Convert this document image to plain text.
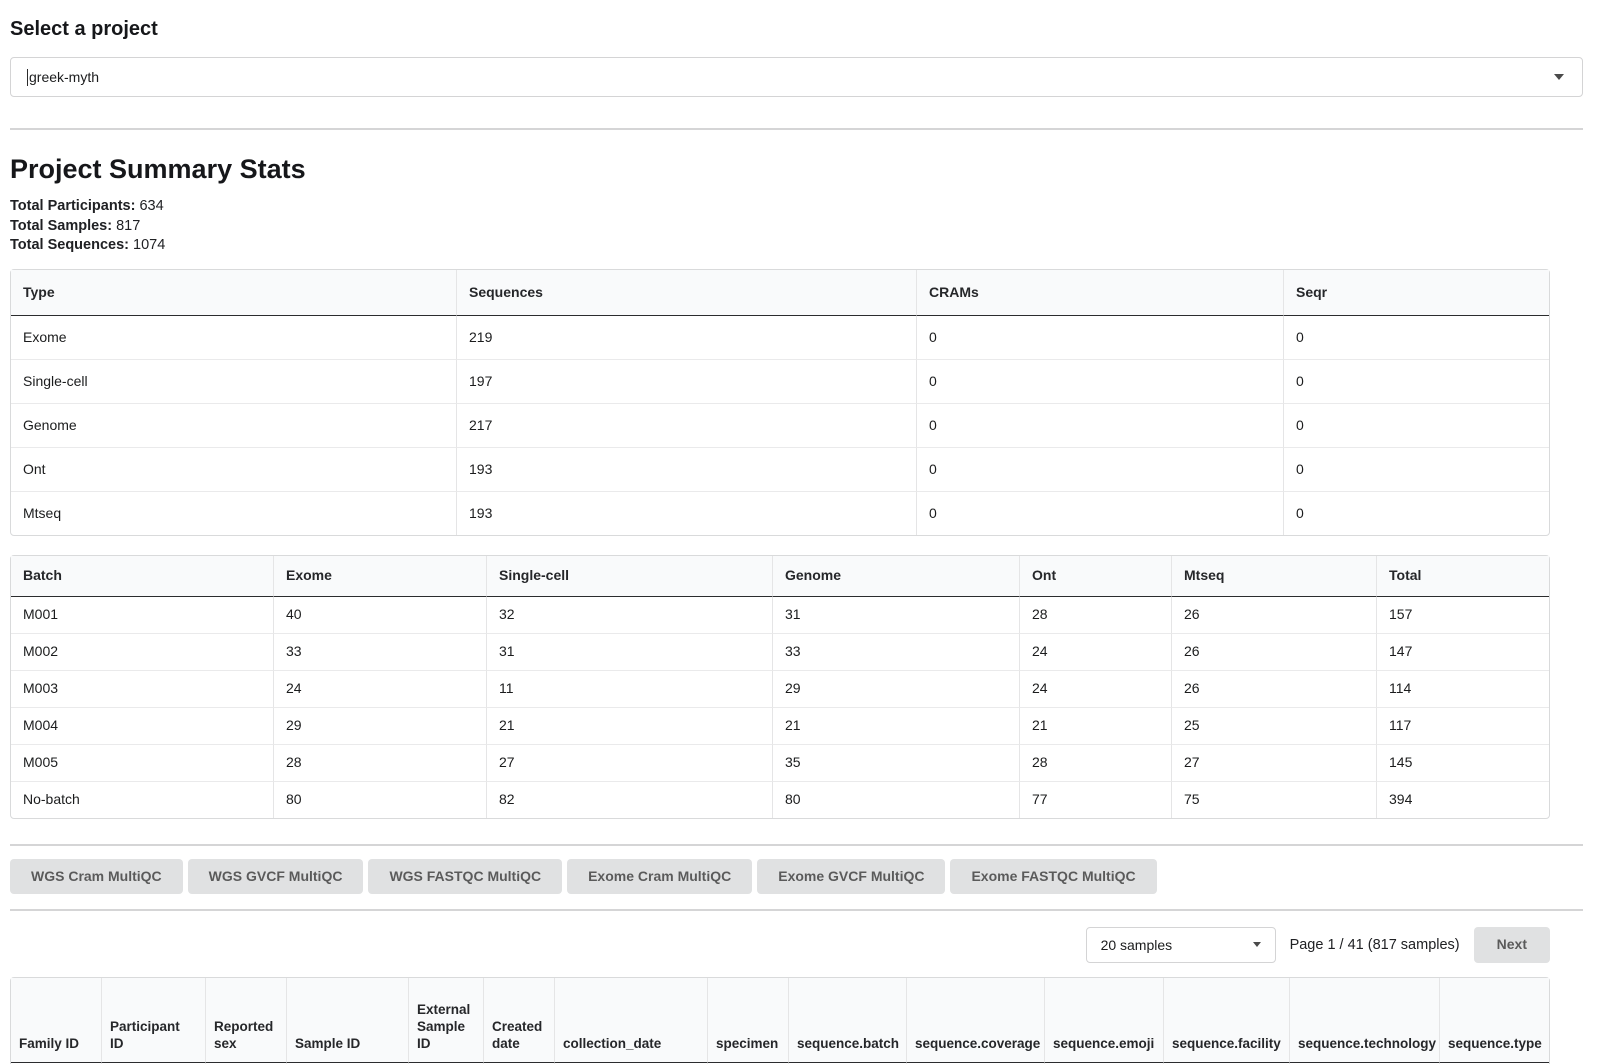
Select a project
greek-myth
Project Summary Stats
Total Participants: 634
Total Samples: 817
Total Sequences: 1074
Type	Sequences	CRAMs	Seqr
Exome	219	0	0
Single-cell	197	0	0
Genome	217	0	0
Ont	193	0	0
Mtseq	193	0	0
Batch	Exome	Single-cell	Genome	Ont	Mtseq	Total
M001	40	32	31	28	26	157
M002	33	31	33	24	26	147
M003	24	11	29	24	26	114
M004	29	21	21	21	25	117
M005	28	27	35	28	27	145
No-batch	80	82	80	77	75	394
WGS Cram MultiQC	WGS GVCF MultiQC	WGS FASTQC MultiQC	Exome Cram MultiQC	Exome GVCF MultiQC	Exome FASTQC MultiQC
20 samples	Page 1 / 41 (817 samples)	Next
Family ID	Participant ID	Reported sex	Sample ID	External Sample ID	Created date	collection_date	specimen	sequence.batch	sequence.coverage	sequence.emoji	sequence.facility	sequence.technology	sequence.type
